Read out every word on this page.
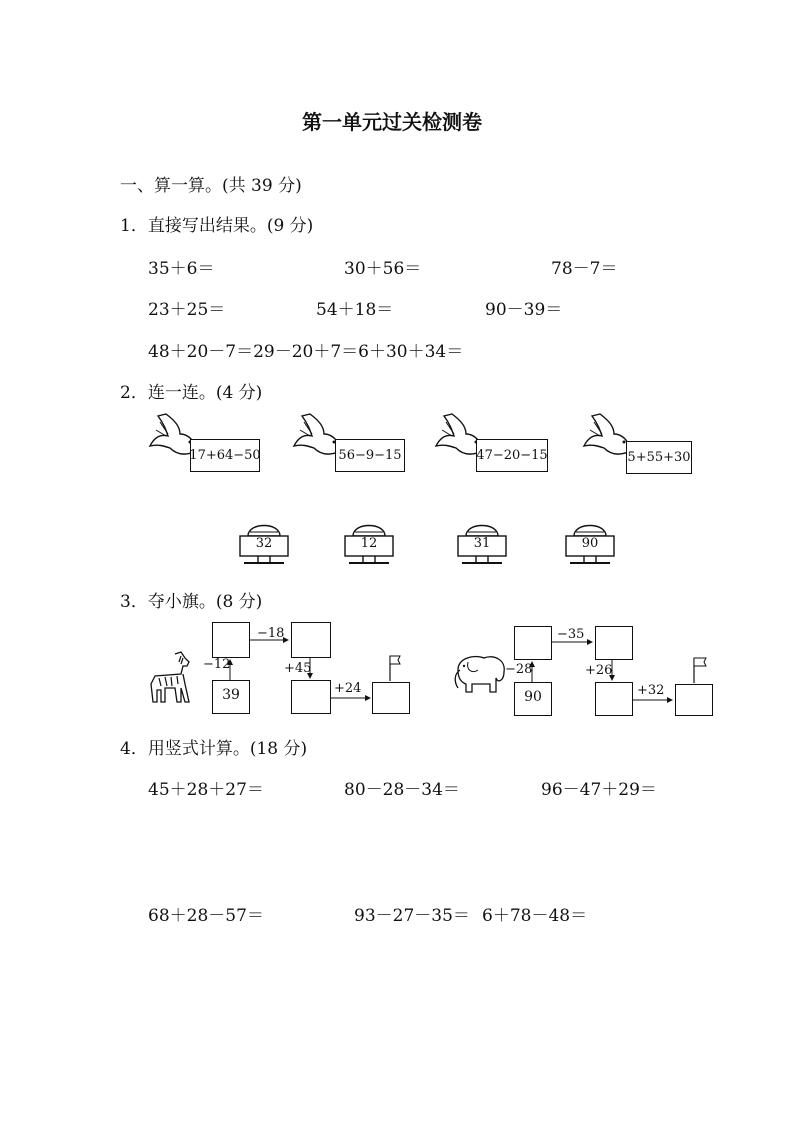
第一单元过关检测卷
一、算一算。(共 39 分)
1．直接写出结果。(9 分)
35＋6＝	30＋56＝	78－7＝
23＋25＝	54＋18＝	90－39＝
48＋20－7＝29－20＋7＝6＋30＋34＝
2．连一连。(4 分)
17+64−50	56−9−15	47−20−15	5+55+30
32	12	31	90
3．夺小旗。(8 分)
39
−12
−18
+45
+24
90
−28
−35
+26
+32
4．用竖式计算。(18 分)
45＋28＋27＝	80－28－34＝	96－47＋29＝
68＋28－57＝	93－27－35＝ 6＋78－48＝
